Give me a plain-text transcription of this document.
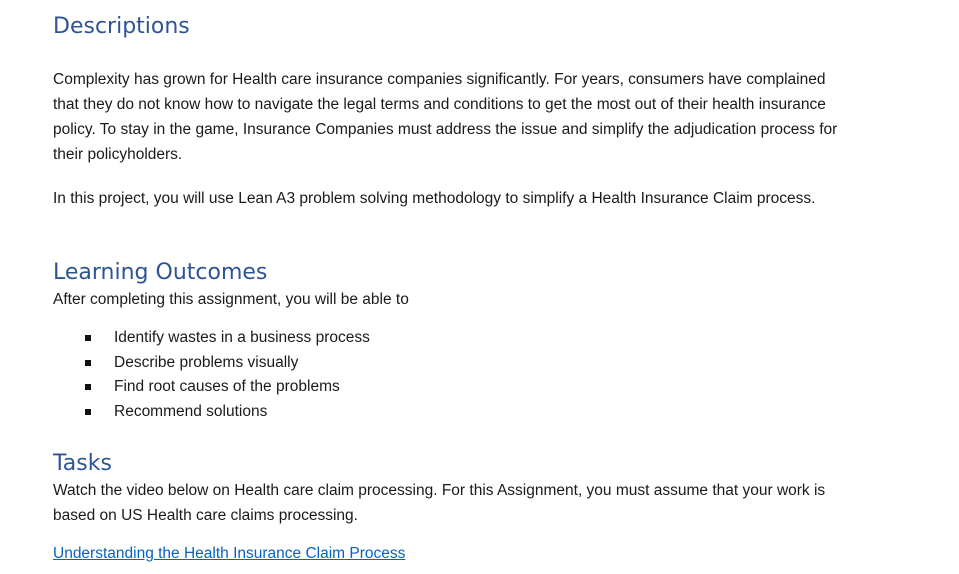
Descriptions

Complexity has grown for Health care insurance companies significantly. For years, consumers have complained that they do not know how to navigate the legal terms and conditions to get the most out of their health insurance policy. To stay in the game, Insurance Companies must address the issue and simplify the adjudication process for their policyholders.

In this project, you will use Lean A3 problem solving methodology to simplify a Health Insurance Claim process.

Learning Outcomes

After completing this assignment, you will be able to

Identify wastes in a business process
Describe problems visually
Find root causes of the problems
Recommend solutions
Tasks

Watch the video below on Health care claim processing. For this Assignment, you must assume that your work is based on US Health care claims processing.

Understanding the Health Insurance Claim Process
